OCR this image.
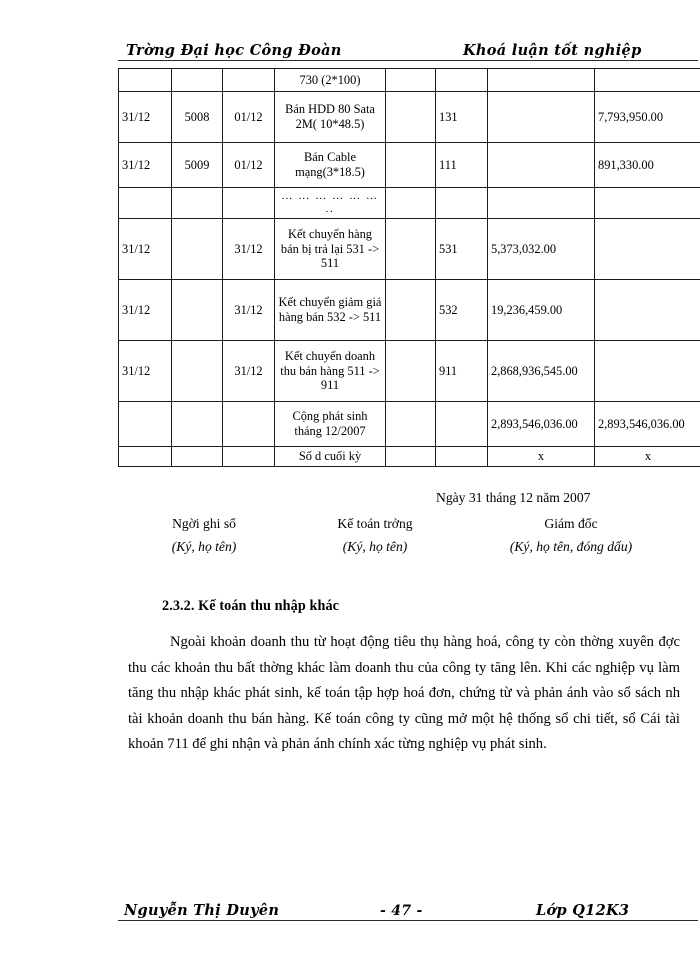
Trờng Đại học Công Đoàn	Khoá luận tốt nghiệp
			730 (2*100)				
31/12	5008	01/12	Bán HDD 80 Sata 2M( 10*48.5)		131		7,793,950.00
31/12	5009	01/12	Bán Cable mạng(3*18.5)		111		891,330.00
			… … … … … … ..				
31/12		31/12	Kết chuyển hàng bán bị trả lại 531 -> 511		531	5,373,032.00	
31/12		31/12	Kết chuyển giảm giá hàng bán 532 -> 511		532	19,236,459.00	
31/12		31/12	Kết chuyển doanh thu bán hàng 511 -> 911		911	2,868,936,545.00	
			Cộng phát sinh tháng 12/2007			2,893,546,036.00	2,893,546,036.00
			Số d cuối kỳ			x	x
Ngày 31 tháng 12 năm 2007
Ngời ghi sổ
(Ký, họ tên)
Kế toán trởng
(Ký, họ tên)
Giám đốc
(Ký, họ tên, đóng dấu)
2.3.2. Kế toán thu nhập khác
Ngoài khoản doanh thu từ hoạt động tiêu thụ hàng hoá, công ty còn thờng xuyên đợc thu các khoản thu bất thờng khác làm doanh thu của công ty tăng lên. Khi các nghiệp vụ làm tăng thu nhập khác phát sinh, kế toán tập hợp hoá đơn, chứng từ và phản ánh vào sổ sách nh tài khoản doanh thu bán hàng. Kế toán công ty cũng mở một hệ thống sổ chi tiết, sổ Cái tài khoản 711 để ghi nhận và phản ánh chính xác từng nghiệp vụ phát sinh.
Nguyễn Thị Duyên	- 47 -	Lớp Q12K3
